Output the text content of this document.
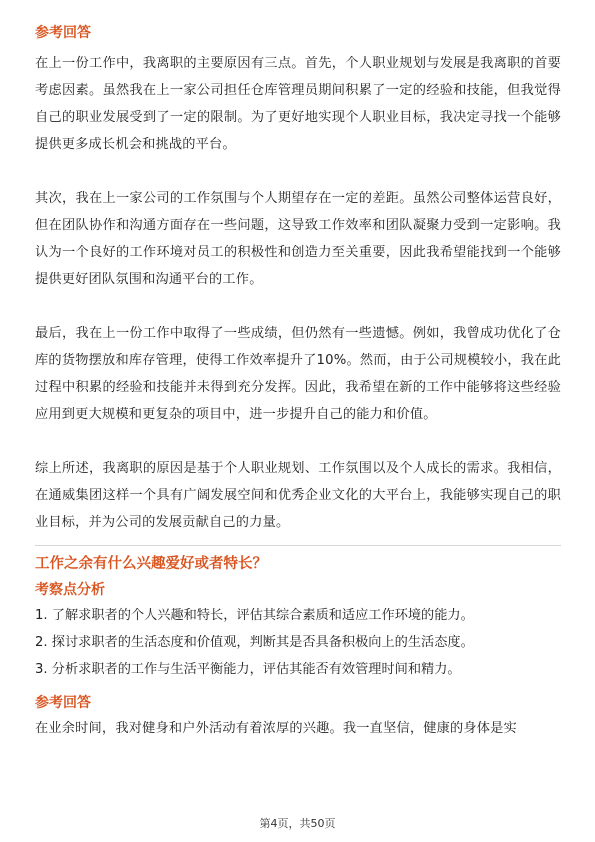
参考回答

在上一份工作中，我离职的主要原因有三点。首先，个人职业规划与发展是我离职的首要考虑因素。虽然我在上一家公司担任仓库管理员期间积累了一定的经验和技能，但我觉得自己的职业发展受到了一定的限制。为了更好地实现个人职业目标，我决定寻找一个能够提供更多成长机会和挑战的平台。

其次，我在上一家公司的工作氛围与个人期望存在一定的差距。虽然公司整体运营良好，但在团队协作和沟通方面存在一些问题，这导致工作效率和团队凝聚力受到一定影响。我认为一个良好的工作环境对员工的积极性和创造力至关重要，因此我希望能找到一个能够提供更好团队氛围和沟通平台的工作。

最后，我在上一份工作中取得了一些成绩，但仍然有一些遗憾。例如，我曾成功优化了仓库的货物摆放和库存管理，使得工作效率提升了10%。然而，由于公司规模较小，我在此过程中积累的经验和技能并未得到充分发挥。因此，我希望在新的工作中能够将这些经验应用到更大规模和更复杂的项目中，进一步提升自己的能力和价值。

综上所述，我离职的原因是基于个人职业规划、工作氛围以及个人成长的需求。我相信，在通威集团这样一个具有广阔发展空间和优秀企业文化的大平台上，我能够实现自己的职业目标，并为公司的发展贡献自己的力量。

工作之余有什么兴趣爱好或者特长？

考察点分析

1. 了解求职者的个人兴趣和特长，评估其综合素质和适应工作环境的能力。

2. 探讨求职者的生活态度和价值观，判断其是否具备积极向上的生活态度。

3. 分析求职者的工作与生活平衡能力，评估其能否有效管理时间和精力。

参考回答

在业余时间，我对健身和户外活动有着浓厚的兴趣。我一直坚信，健康的身体是实

第4页，共50页
